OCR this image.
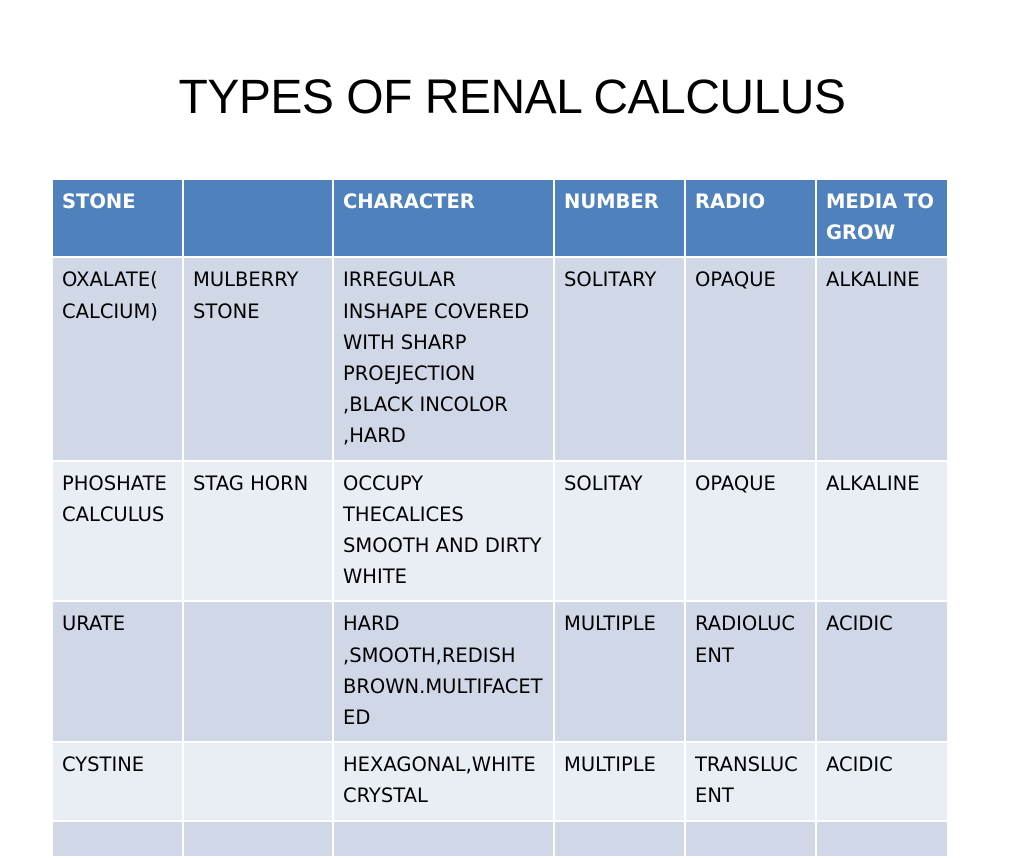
TYPES OF RENAL CALCULUS
STONE		CHARACTER	NUMBER	RADIO	MEDIA TO GROW
OXALATE( CALCIUM)	MULBERRY STONE	IRREGULAR INSHAPE COVERED WITH SHARP PROEJECTION ,BLACK INCOLOR ,HARD	SOLITARY	OPAQUE	ALKALINE
PHOSHATE CALCULUS	STAG HORN	OCCUPY THECALICES SMOOTH AND DIRTY WHITE	SOLITAY	OPAQUE	ALKALINE
URATE		HARD ,SMOOTH,REDISH BROWN.MULTIFACETED	MULTIPLE	RADIOLUCENT	ACIDIC
CYSTINE		HEXAGONAL,WHITE CRYSTAL	MULTIPLE	TRANSLUCENT	ACIDIC
